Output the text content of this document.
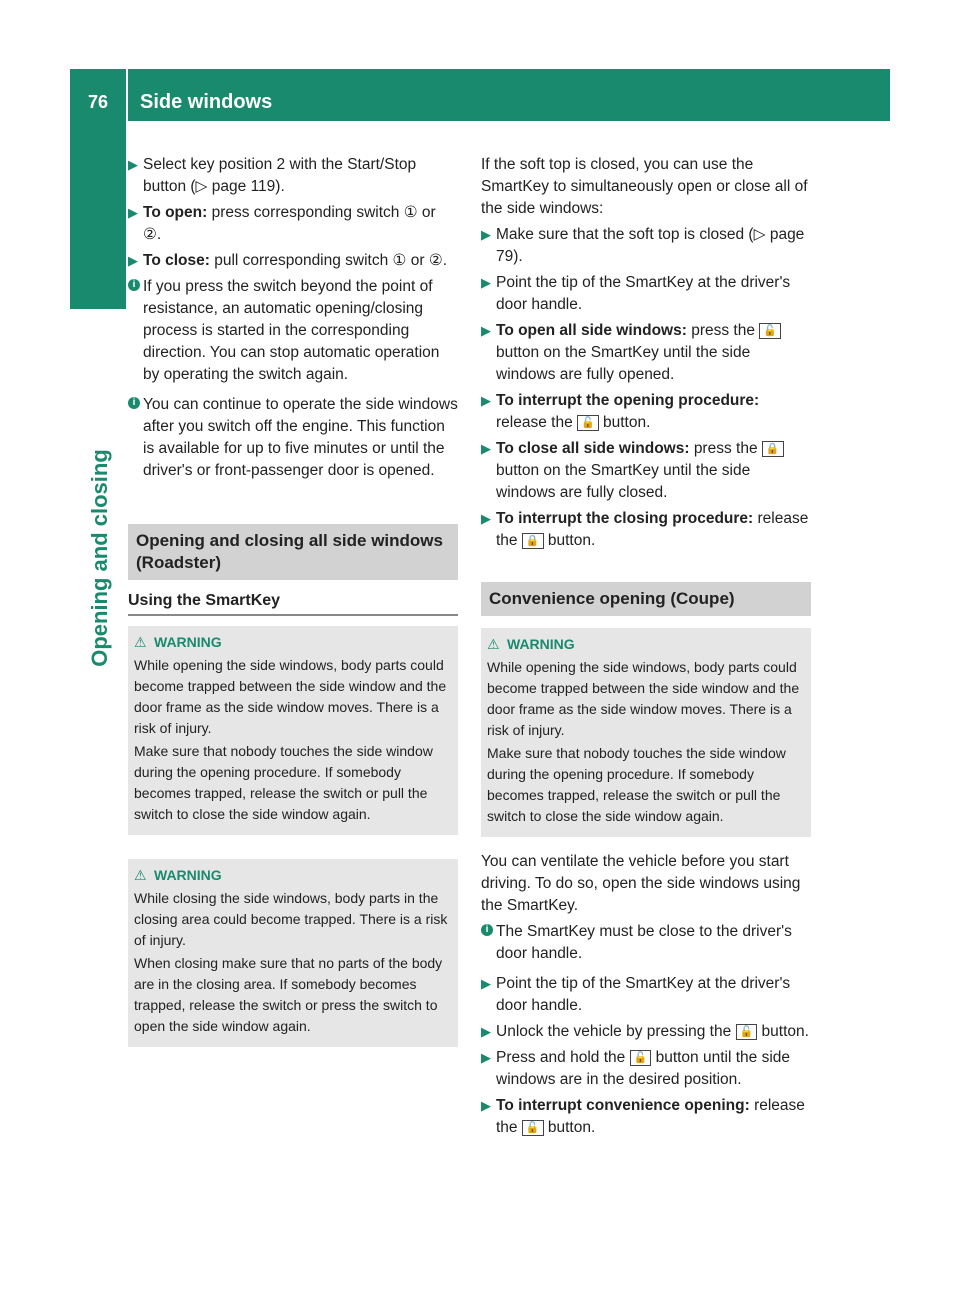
76	Side windows
Opening and closing
▶ Select key position 2 with the Start/Stop button (▷ page 119).
▶ To open: press corresponding switch ① or ②.
▶ To close: pull corresponding switch ① or ②.
i If you press the switch beyond the point of resistance, an automatic opening/closing process is started in the corresponding direction. You can stop automatic operation by operating the switch again.
i You can continue to operate the side windows after you switch off the engine. This function is available for up to five minutes or until the driver's or front-passenger door is opened.
Opening and closing all side windows (Roadster)
Using the SmartKey
⚠ WARNING

While opening the side windows, body parts could become trapped between the side window and the door frame as the side window moves. There is a risk of injury.

Make sure that nobody touches the side window during the opening procedure. If somebody becomes trapped, release the switch or pull the switch to close the side window again.

⚠ WARNING

While closing the side windows, body parts in the closing area could become trapped. There is a risk of injury.

When closing make sure that no parts of the body are in the closing area. If somebody becomes trapped, release the switch or press the switch to open the side window again.

If the soft top is closed, you can use the SmartKey to simultaneously open or close all of the side windows:

▶ Make sure that the soft top is closed (▷ page 79).
▶ Point the tip of the SmartKey at the driver's door handle.
▶ To open all side windows: press the 🔓 button on the SmartKey until the side windows are fully opened.
▶ To interrupt the opening procedure: release the 🔓 button.
▶ To close all side windows: press the 🔒 button on the SmartKey until the side windows are fully closed.
▶ To interrupt the closing procedure: release the 🔒 button.
Convenience opening (Coupe)
⚠ WARNING

While opening the side windows, body parts could become trapped between the side window and the door frame as the side window moves. There is a risk of injury.

Make sure that nobody touches the side window during the opening procedure. If somebody becomes trapped, release the switch or pull the switch to close the side window again.

You can ventilate the vehicle before you start driving. To do so, open the side windows using the SmartKey.

i The SmartKey must be close to the driver's door handle.
▶ Point the tip of the SmartKey at the driver's door handle.
▶ Unlock the vehicle by pressing the 🔓 button.
▶ Press and hold the 🔓 button until the side windows are in the desired position.
▶ To interrupt convenience opening: release the 🔓 button.
